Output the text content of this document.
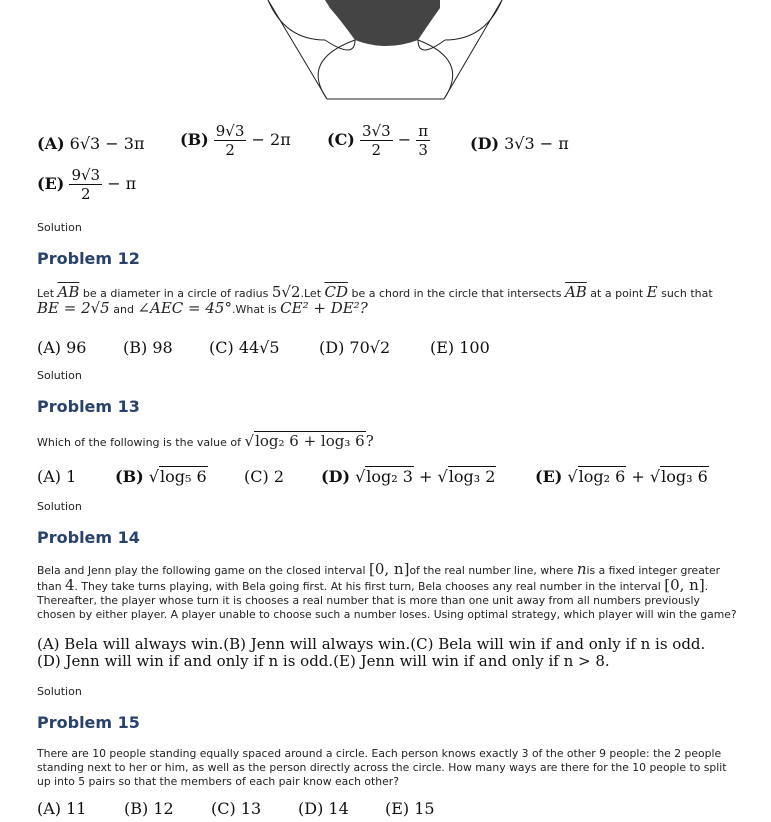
(A) 6√3 − 3π $(B) \frac{9√3}{2} - 2\pi$ $(C) \frac{3√3}{2} - \frac{\pi}{3} (D) 3√3 - \pi$
$(E) \frac{9√3}{2} - \pi$
Solution
Problem 12
Let $\overline{AB}$ be a diameter in a circle of radius 5√2.Let $\overline{CD}$ be a chord in the circle that intersects $\overline{AB}$ at a point E such that
BE = 2√5 and ∠AEC = 45°.What is CE² + DE²?
(A) 96 (B) 98 (C) 44√5 (D) 70√2 (E) 100
Solution
Problem 13
Which of the following is the value of √log₂ 6 + log₃ 6?
(A) 1 (B) √log₅ 6 (C) 2 (D) √log₂ 3 + √log₃ 2 (E) √log₂ 6 + √log₃ 6
Solution
Problem 14
Bela and Jenn play the following game on the closed interval [0, n]of the real number line, where nis a fixed integer greater than 4. They take turns playing, with Bela going first. At his first turn, Bela chooses any real number in the interval [0, n]. Thereafter, the player whose turn it is chooses a real number that is more than one unit away from all numbers previously chosen by either player. A player unable to choose such a number loses. Using optimal strategy, which player will win the game?
(A) Bela will always win.(B) Jenn will always win.(C) Bela will win if and only if n is odd.
(D) Jenn will win if and only if n is odd.(E) Jenn will win if and only if n > 8.
Solution
Problem 15
There are 10 people standing equally spaced around a circle. Each person knows exactly 3 of the other 9 people: the 2 people standing next to her or him, as well as the person directly across the circle. How many ways are there for the 10 people to split up into 5 pairs so that the members of each pair know each other?
(A) 11 (B) 12 (C) 13 (D) 14 (E) 15
